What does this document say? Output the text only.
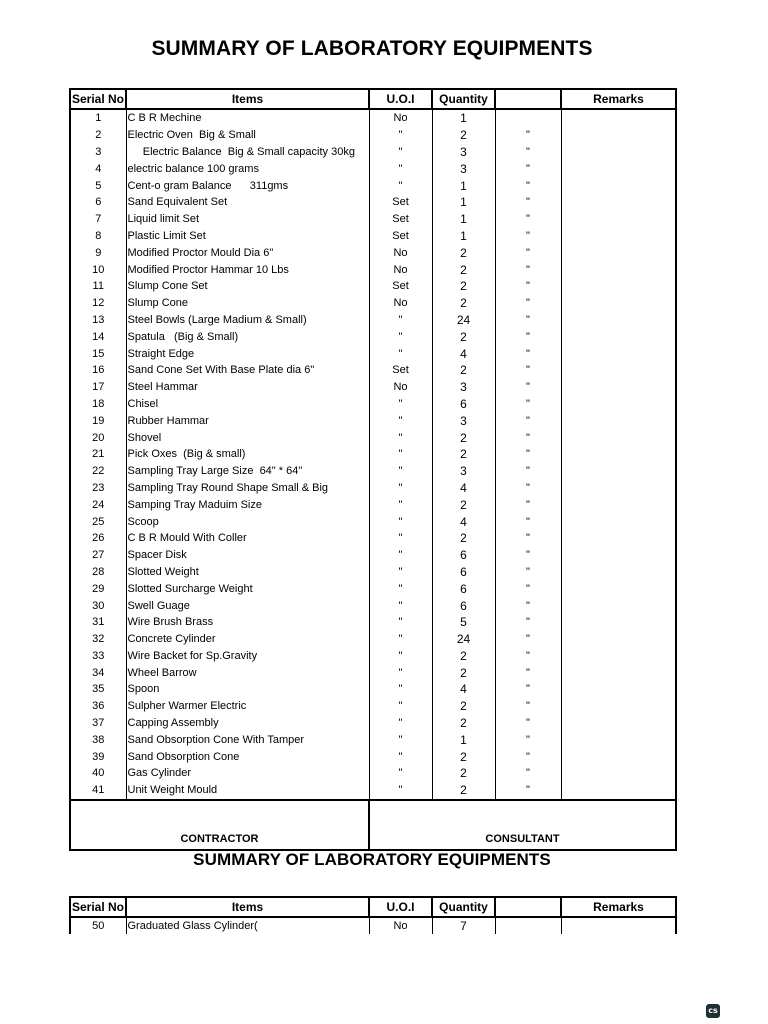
SUMMARY OF LABORATORY EQUIPMENTS
Serial No	Items	U.O.I	Quantity		Remarks
1	C B R Mechine	No	1		
2	Electric Oven  Big & Small	"	2	"	
3	Electric Balance  Big & Small capacity 30kg	"	3	"	
4	electric balance 100 grams	"	3	"	
5	Cent-o gram Balance      311gms	"	1	"	
6	Sand Equivalent Set	Set	1	"	
7	Liquid limit Set	Set	1	"	
8	Plastic Limit Set	Set	1	"	
9	Modified Proctor Mould Dia 6"	No	2	"	
10	Modified Proctor Hammar 10 Lbs	No	2	"	
11	Slump Cone Set	Set	2	"	
12	Slump Cone	No	2	"	
13	Steel Bowls (Large Madium & Small)	"	24	"	
14	Spatula   (Big & Small)	"	2	"	
15	Straight Edge	"	4	"	
16	Sand Cone Set With Base Plate dia 6"	Set	2	"	
17	Steel Hammar	No	3	"	
18	Chisel	"	6	"	
19	Rubber Hammar	"	3	"	
20	Shovel	"	2	"	
21	Pick Oxes  (Big & small)	"	2	"	
22	Sampling Tray Large Size  64" * 64"	"	3	"	
23	Sampling Tray Round Shape Small & Big	"	4	"	
24	Samping Tray Maduim Size	"	2	"	
25	Scoop	"	4	"	
26	C B R Mould With Coller	"	2	"	
27	Spacer Disk	"	6	"	
28	Slotted Weight	"	6	"	
29	Slotted Surcharge Weight	"	6	"	
30	Swell Guage	"	6	"	
31	Wire Brush Brass	"	5	"	
32	Concrete Cylinder	"	24	"	
33	Wire Backet for Sp.Gravity	"	2	"	
34	Wheel Barrow	"	2	"	
35	Spoon	"	4	"	
36	Sulpher Warmer Electric	"	2	"	
37	Capping Assembly	"	2	"	
38	Sand Obsorption Cone With Tamper	"	1	"	
39	Sand Obsorption Cone	"	2	"	
40	Gas Cylinder	"	2	"	
41	Unit Weight Mould	"	2	"	
CONTRACTOR		CONSULTANT			
SUMMARY OF LABORATORY EQUIPMENTS
Serial No	Items	U.O.I	Quantity		Remarks
50	Graduated Glass Cylinder(	No	7		
cs
